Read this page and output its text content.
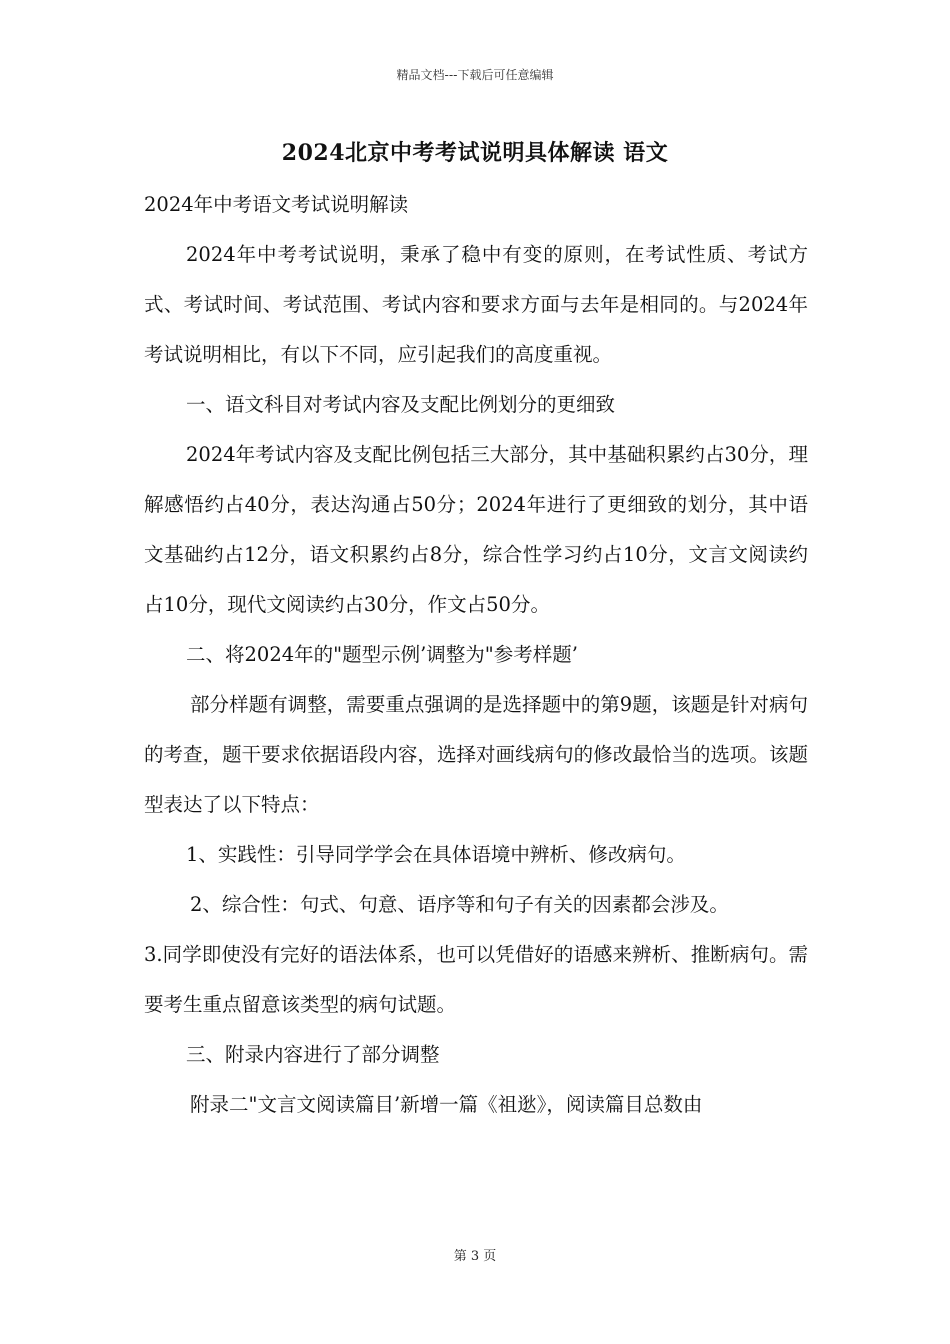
精品文档---下载后可任意编辑
2024北京中考考试说明具体解读 语文

2024年中考语文考试说明解读

2024年中考考试说明，秉承了稳中有变的原则，在考试性质、考试方式、考试时间、考试范围、考试内容和要求方面与去年是相同的。与2024年考试说明相比，有以下不同，应引起我们的高度重视。

一、语文科目对考试内容及支配比例划分的更细致

2024年考试内容及支配比例包括三大部分，其中基础积累约占30分，理解感悟约占40分，表达沟通占50分；2024年进行了更细致的划分，其中语文基础约占12分，语文积累约占8分，综合性学习约占10分，文言文阅读约占10分，现代文阅读约占30分，作文占50分。

二、将2024年的"题型示例’调整为"参考样题’

部分样题有调整，需要重点强调的是选择题中的第9题，该题是针对病句的考查，题干要求依据语段内容，选择对画线病句的修改最恰当的选项。该题型表达了以下特点：

1、实践性：引导同学学会在具体语境中辨析、修改病句。

2、综合性：句式、句意、语序等和句子有关的因素都会涉及。

3.同学即使没有完好的语法体系，也可以凭借好的语感来辨析、推断病句。需要考生重点留意该类型的病句试题。

三、附录内容进行了部分调整

附录二"文言文阅读篇目’新增一篇《祖逖》，阅读篇目总数由

第 3 页
